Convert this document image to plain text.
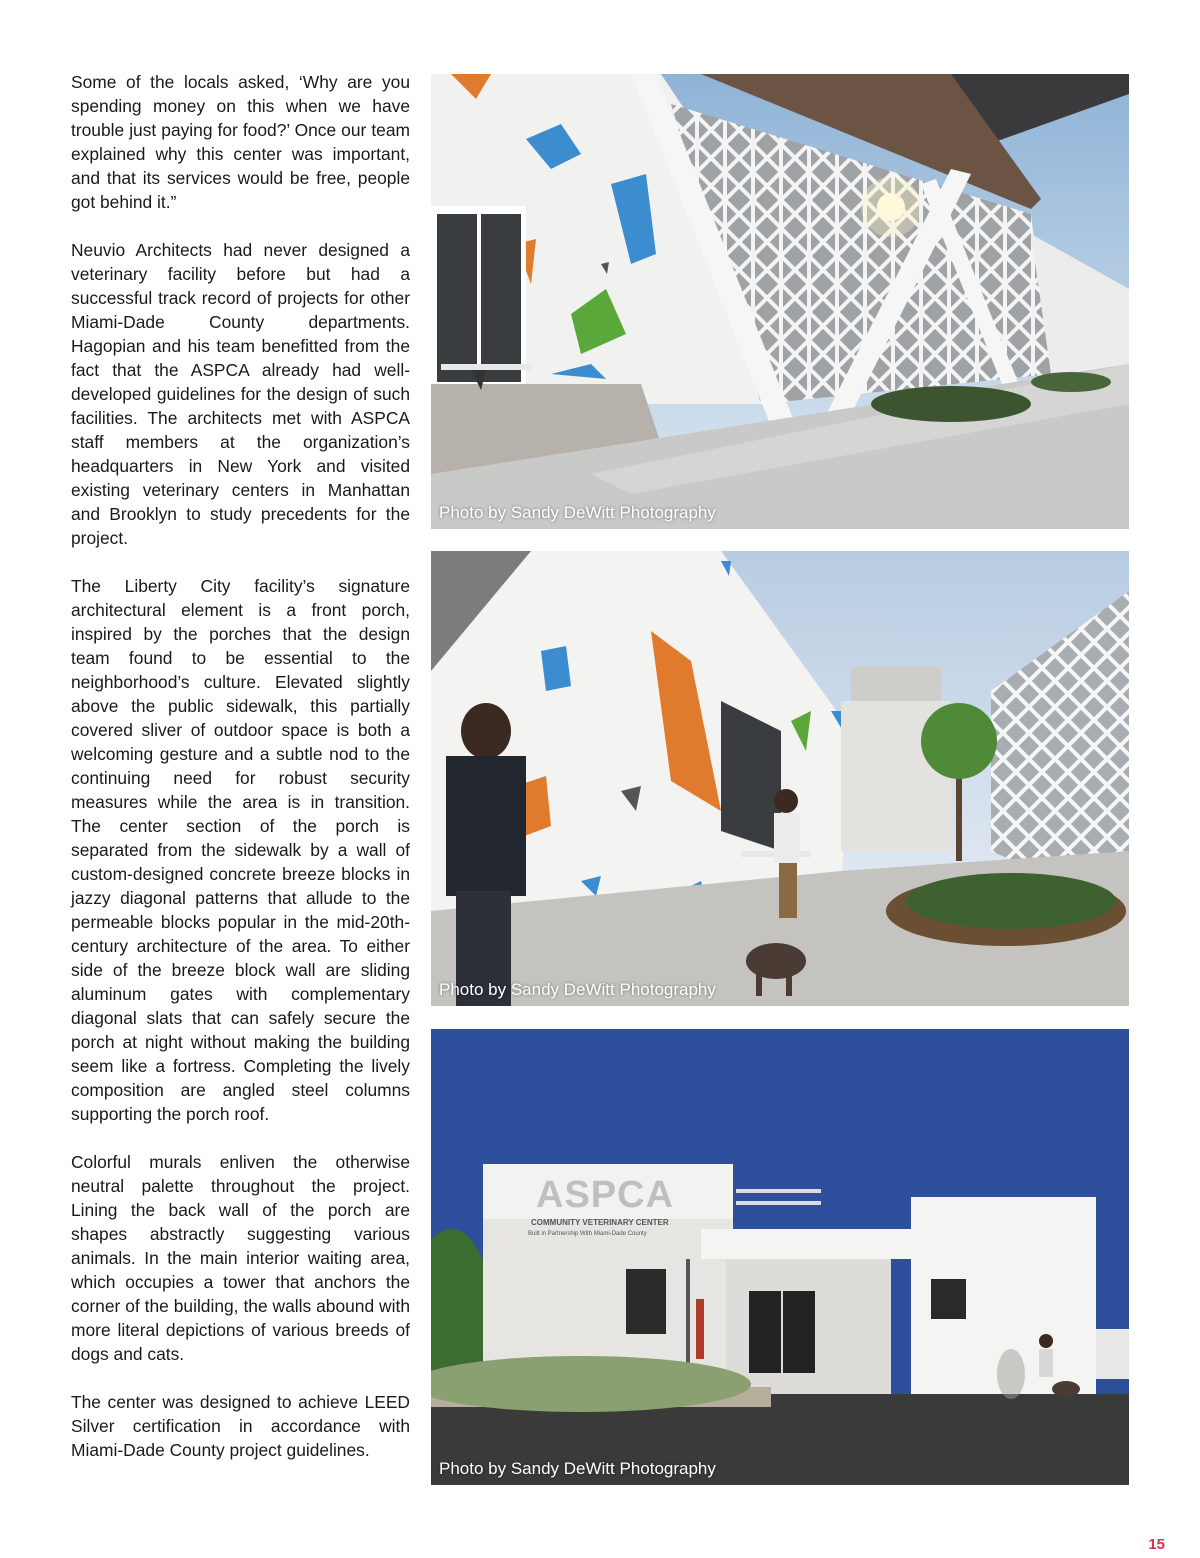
Some of the locals asked, ‘Why are you spending money on this when we have trouble just paying for food?’ Once our team explained why this center was important, and that its services would be free, people got behind it.”

Neuvio Architects had never designed a veterinary facility before but had a successful track record of projects for other Miami-Dade County departments. Hagopian and his team benefitted from the fact that the ASPCA already had well-developed guidelines for the design of such facilities. The architects met with ASPCA staff members at the organization’s headquarters in New York and visited existing veterinary centers in Manhattan and Brooklyn to study precedents for the project.

The Liberty City facility’s signature architectural element is a front porch, inspired by the porches that the design team found to be essential to the neighborhood’s culture. Elevated slightly above the public sidewalk, this partially covered sliver of outdoor space is both a welcoming gesture and a subtle nod to the continuing need for robust security measures while the area is in transition. The center section of the porch is separated from the sidewalk by a wall of custom-designed concrete breeze blocks in jazzy diagonal patterns that allude to the permeable blocks popular in the mid-20th-century architecture of the area. To either side of the breeze block wall are sliding aluminum gates with complementary diagonal slats that can safely secure the porch at night without making the building seem like a fortress. Completing the lively composition are angled steel columns supporting the porch roof.

Colorful murals enliven the otherwise neutral palette throughout the project. Lining the back wall of the porch are shapes abstractly suggesting various animals. In the main interior waiting area, which occupies a tower that anchors the corner of the building, the walls abound with more literal depictions of various breeds of dogs and cats.

The center was designed to achieve LEED Silver certification in accordance with Miami-Dade County project guidelines.

Photo by Sandy DeWitt Photography
Photo by Sandy DeWitt Photography
ASPCA
COMMUNITY VETERINARY CENTER
Built in Partnership With Miami-Dade County
Photo by Sandy DeWitt Photography
15
